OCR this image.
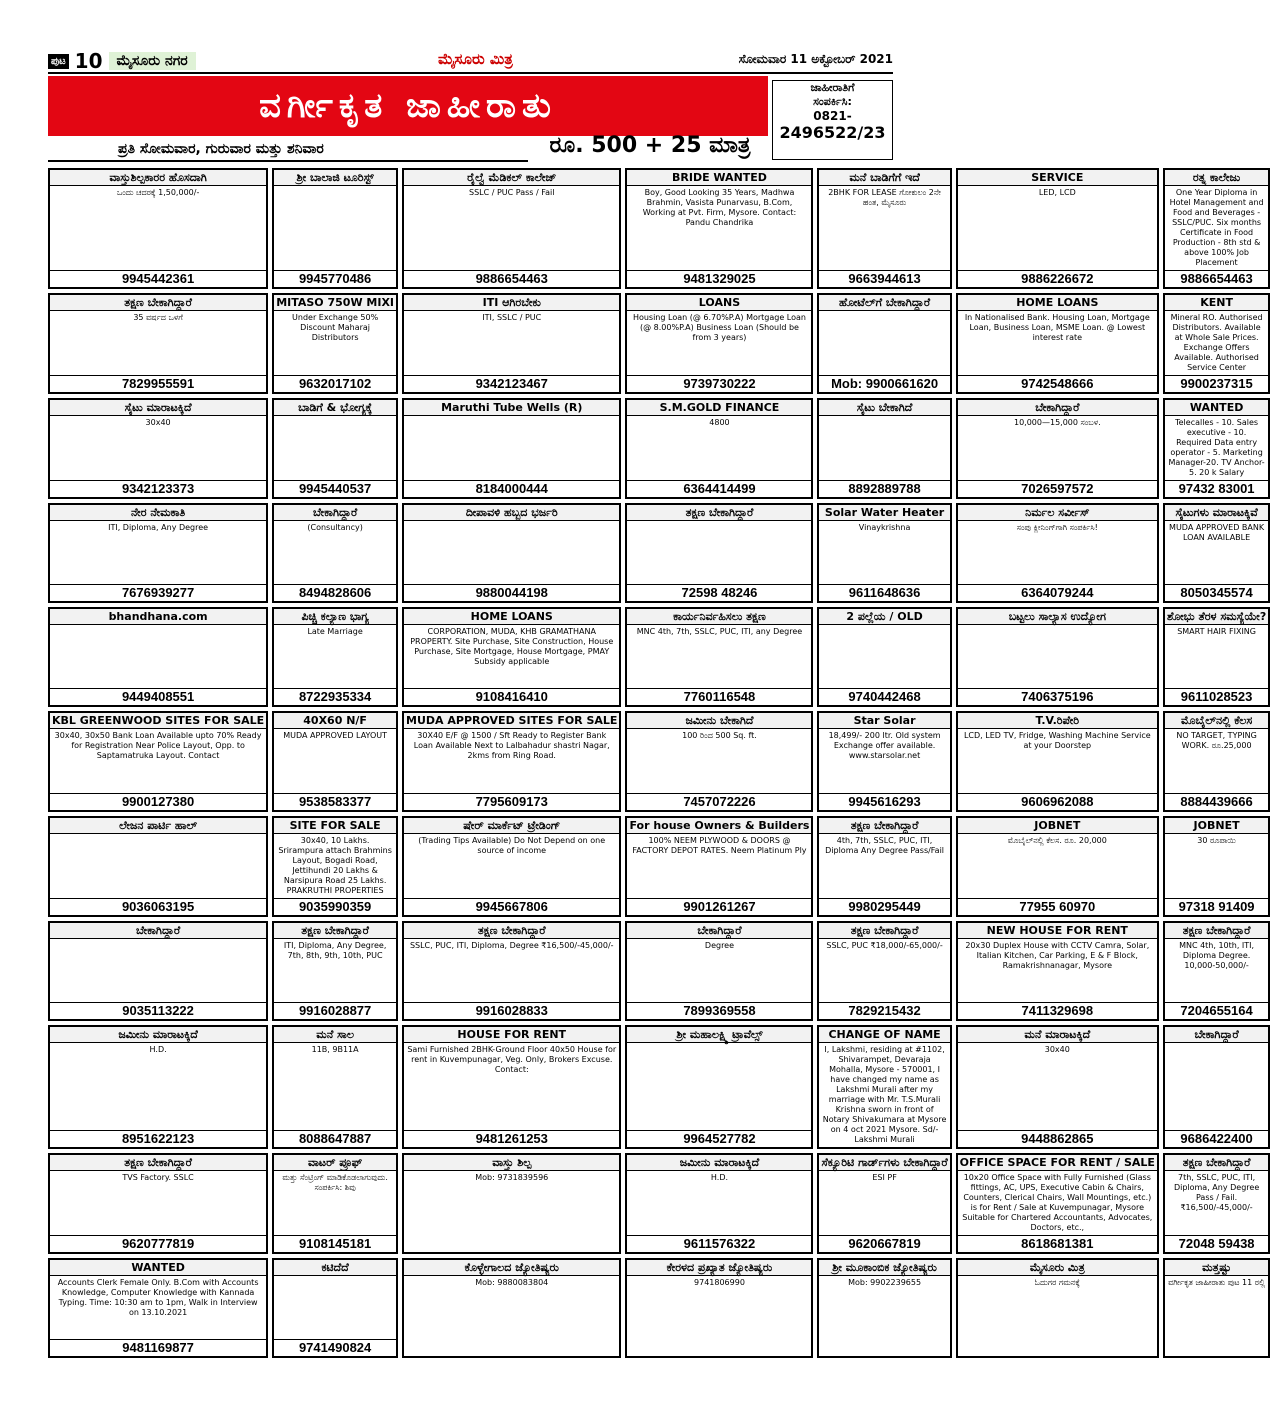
ಪುಟ 10	ಮೈಸೂರು ನಗರ	ಮೈಸೂರು ಮಿತ್ರ	ಸೋಮವಾರ 11 ಅಕ್ಟೋಬರ್ 2021
ವರ್ಗೀಕೃತ ಜಾಹೀರಾತು
ಪ್ರತಿ ಸೋಮವಾರ, ಗುರುವಾರ ಮತ್ತು ಶನಿವಾರ	ರೂ. 500 + 25 ಮಾತ್ರ
ಜಾಹೀರಾತಿಗೆ
ಸಂಪರ್ಕಿಸಿ:
0821-
2496522/23
ವಾಸ್ತುಶಿಲ್ಪಕಾರರ ಹೊಸದಾಗಿ
ಒಂದು ಚದರಕ್ಕೆ 1,50,000/-
9945442361
ಶ್ರೀ ಬಾಲಾಜಿ ಟೂರಿಸ್ಟ್
9945770486
ರೈಲ್ವೆ ಮೆಡಿಕಲ್ ಕಾಲೇಜ್
SSLC / PUC Pass / Fail
9886654463
BRIDE WANTED
Boy, Good Looking 35 Years, Madhwa Brahmin, Vasista Punarvasu, B.Com, Working at Pvt. Firm, Mysore. Contact: Pandu Chandrika
9481329025
ಮನೆ ಬಾಡಿಗೆಗೆ ಇದೆ
2BHK FOR LEASE ಗೋಕುಲಂ 2ನೇ ಹಂತ, ಮೈಸೂರು
9663944613
SERVICE
LED, LCD
9886226672
ರತ್ನ ಕಾಲೇಜು
One Year Diploma in Hotel Management and Food and Beverages - SSLC/PUC. Six months Certificate in Food Production - 8th std & above 100% Job Placement
9886654463
ತಕ್ಷಣ ಬೇಕಾಗಿದ್ದಾರೆ
35 ವರ್ಷದ ಒಳಗೆ
7829955591
MITASO 750W MIXI
Under Exchange 50% Discount Maharaj Distributors
9632017102
ITI ಆಗಿರಬೇಕು
ITI, SSLC / PUC
9342123467
LOANS
Housing Loan (@ 6.70%P.A) Mortgage Loan (@ 8.00%P.A) Business Loan (Should be from 3 years)
9739730222
ಹೋಟೆಲ್‌ಗೆ ಬೇಕಾಗಿದ್ದಾರೆ
Mob: 9900661620
HOME LOANS
In Nationalised Bank. Housing Loan, Mortgage Loan, Business Loan, MSME Loan. @ Lowest interest rate
9742548666
KENT
Mineral RO. Authorised Distributors. Available at Whole Sale Prices. Exchange Offers Available. Authorised Service Center
9900237315
ಸೈಟು ಮಾರಾಟಕ್ಕಿದೆ
30x40
9342123373
ಬಾಡಿಗೆ & ಭೋಗ್ಯಕ್ಕೆ
9945440537
Maruthi Tube Wells (R)
8184000444
S.M.GOLD FINANCE
4800
6364414499
ಸೈಟು ಬೇಕಾಗಿದೆ
8892889788
ಬೇಕಾಗಿದ್ದಾರೆ
10,000—15,000 ಸಂಬಳ.
7026597572
WANTED
Telecalles - 10. Sales executive - 10. Required Data entry operator - 5. Marketing Manager-20. TV Anchor-5. 20 k Salary
97432 83001
ನೇರ ನೇಮಕಾತಿ
ITI, Diploma, Any Degree
7676939277
ಬೇಕಾಗಿದ್ದಾರೆ
(Consultancy)
8494828606
ದೀಪಾವಳಿ ಹಬ್ಬದ ಭರ್ಜರಿ
9880044198
ತಕ್ಷಣ ಬೇಕಾಗಿದ್ದಾರೆ
72598 48246
Solar Water Heater
Vinaykrishna
9611648636
ನಿರ್ಮಲ ಸರ್ವೀಸ್
ಸಂಪು ಕ್ಲೀನಿಂಗ್‌ಗಾಗಿ ಸಂಪರ್ಕಿಸಿ!
6364079244
ಸೈಟುಗಳು ಮಾರಾಟಕ್ಕಿವೆ
MUDA APPROVED BANK LOAN AVAILABLE
8050345574
bhandhana.com
9449408551
ಪಿಚ್ಚಿ ಕಲ್ಯಾಣ ಭಾಗ್ಯ
Late Marriage
8722935334
HOME LOANS
CORPORATION, MUDA, KHB GRAMATHANA PROPERTY. Site Purchase, Site Construction, House Purchase, Site Mortgage, House Mortgage, PMAY Subsidy applicable
9108416410
ಕಾರ್ಯನಿರ್ವಹಿಸಲು ತಕ್ಷಣ
MNC 4th, 7th, SSLC, PUC, ITI, any Degree
7760116548
2 ಪಲ್ಲೆಯ / OLD
9740442468
ಬಟ್ಟಲು ಸಾಲ್ಯಾಸ ಉದ್ಯೋಗ
7406375196
ಶೋಭು ತೆರಳ ಸಮಸ್ಯೆಯೇ?
SMART HAIR FIXING
9611028523
KBL GREENWOOD SITES FOR SALE
30x40, 30x50 Bank Loan Available upto 70% Ready for Registration Near Police Layout, Opp. to Saptamatruka Layout. Contact
9900127380
40X60 N/F
MUDA APPROVED LAYOUT
9538583377
MUDA APPROVED SITES FOR SALE
30X40 E/F @ 1500 / Sft Ready to Register Bank Loan Available Next to Lalbahadur shastri Nagar, 2kms from Ring Road.
7795609173
ಜಮೀನು ಬೇಕಾಗಿದೆ
100 ರಿಂದ 500 Sq. ft.
7457072226
Star Solar
18,499/- 200 ltr. Old system Exchange offer available. www.starsolar.net
9945616293
T.V.ರಿಪೇರಿ
LCD, LED TV, Fridge, Washing Machine Service at your Doorstep
9606962088
ಮೊಬೈಲ್‌ನಲ್ಲಿ ಕೆಲಸ
NO TARGET, TYPING WORK. ರೂ.25,000
8884439666
ಲೇಜನ ಪಾರ್ಟಿ ಹಾಲ್
9036063195
SITE FOR SALE
30x40, 10 Lakhs. Srirampura attach Brahmins Layout, Bogadi Road, Jettihundi 20 Lakhs & Narsipura Road 25 Lakhs. PRAKRUTHI PROPERTIES
9035990359
ಷೇರ್ ಮಾರ್ಕೆಟ್ ಟ್ರೇಡಿಂಗ್
(Trading Tips Available) Do Not Depend on one source of income
9945667806
For house Owners & Builders
100% NEEM PLYWOOD & DOORS @ FACTORY DEPOT RATES. Neem Platinum Ply
9901261267
ತಕ್ಷಣ ಬೇಕಾಗಿದ್ದಾರೆ
4th, 7th, SSLC, PUC, ITI, Diploma Any Degree Pass/Fail
9980295449
JOBNET
ಮೊಬೈಲ್‌ನಲ್ಲಿ ಕೆಲಸ. ರೂ. 20,000
77955 60970
JOBNET
30 ರೂಪಾಯಿ
97318 91409
ಬೇಕಾಗಿದ್ದಾರೆ
9035113222
ತಕ್ಷಣ ಬೇಕಾಗಿದ್ದಾರೆ
ITI, Diploma, Any Degree, 7th, 8th, 9th, 10th, PUC
9916028877
ತಕ್ಷಣ ಬೇಕಾಗಿದ್ದಾರೆ
SSLC, PUC, ITI, Diploma, Degree ₹16,500/-45,000/-
9916028833
ಬೇಕಾಗಿದ್ದಾರೆ
Degree
7899369558
ತಕ್ಷಣ ಬೇಕಾಗಿದ್ದಾರೆ
SSLC, PUC ₹18,000/-65,000/-
7829215432
NEW HOUSE FOR RENT
20x30 Duplex House with CCTV Camra, Solar, Italian Kitchen, Car Parking, E & F Block, Ramakrishnanagar, Mysore
7411329698
ತಕ್ಷಣ ಬೇಕಾಗಿದ್ದಾರೆ
MNC 4th, 10th, ITI, Diploma Degree. 10,000-50,000/-
7204655164
ಜಮೀನು ಮಾರಾಟಕ್ಕಿದೆ
H.D.
8951622123
ಮನೆ ಸಾಲ
11B, 9B11A
8088647887
HOUSE FOR RENT
Sami Furnished 2BHK-Ground Floor 40x50 House for rent in Kuvempunagar, Veg. Only, Brokers Excuse. Contact:
9481261253
ಶ್ರೀ ಮಹಾಲಕ್ಷ್ಮಿ ಟ್ರಾವೆಲ್ಸ್
9964527782
CHANGE OF NAME
I, Lakshmi, residing at #1102, Shivarampet, Devaraja Mohalla, Mysore - 570001, I have changed my name as Lakshmi Murali after my marriage with Mr. T.S.Murali Krishna sworn in front of Notary Shivakumara at Mysore on 4 oct 2021 Mysore. Sd/- Lakshmi Murali
ಮನೆ ಮಾರಾಟಕ್ಕಿದೆ
30x40
9448862865
ಬೇಕಾಗಿದ್ದಾರೆ
9686422400
ತಕ್ಷಣ ಬೇಕಾಗಿದ್ದಾರೆ
TVS Factory. SSLC
9620777819
ವಾಟರ್ ಪ್ರೂಫ್
ಮತ್ತು ಸೆಂಟ್ರಿಂಗ್ ಮಾಡಿಕೊಡಲಾಗುವುದು. ಸಂಪರ್ಕಿಸಿ: ಶಿವು
9108145181
ವಾಸ್ತು ಶಿಲ್ಪ
Mob: 9731839596
ಜಮೀನು ಮಾರಾಟಕ್ಕಿದೆ
H.D.
9611576322
ಸೆಕ್ಯೂರಿಟಿ ಗಾರ್ಡ್‌ಗಳು ಬೇಕಾಗಿದ್ದಾರೆ
ESI PF
9620667819
OFFICE SPACE FOR RENT / SALE
10x20 Office Space with Fully Furnished (Glass fittings, AC, UPS, Executive Cabin & Chairs, Counters, Clerical Chairs, Wall Mountings, etc.) is for Rent / Sale at Kuvempunagar, Mysore Suitable for Chartered Accountants, Advocates, Doctors, etc.,
8618681381
ತಕ್ಷಣ ಬೇಕಾಗಿದ್ದಾರೆ
7th, SSLC, PUC, ITI, Diploma, Any Degree Pass / Fail. ₹16,500/-45,000/-
72048 59438
WANTED
Accounts Clerk Female Only. B.Com with Accounts Knowledge, Computer Knowledge with Kannada Typing. Time: 10:30 am to 1pm, Walk in Interview on 13.10.2021
9481169877
ಕಟಿದೆದೆ
9741490824
ಕೊಳ್ಳೇಗಾಲದ ಜ್ಯೋತಿಷ್ಯರು
Mob: 9880083804
ಕೇರಳದ ಪ್ರಖ್ಯಾತ ಜ್ಯೋತಿಷ್ಯರು
9741806990
ಶ್ರೀ ಮೂಕಾಂಬಿಕ ಜ್ಯೋತಿಷ್ಯರು
Mob: 9902239655
ಮೈಸೂರು ಮಿತ್ರ
ಓದುಗರ ಗಮನಕ್ಕೆ
ಮತ್ತಷ್ಟು
ವರ್ಗೀಕೃತ ಜಾಹೀರಾತು ಪುಟ 11 ರಲ್ಲಿ
